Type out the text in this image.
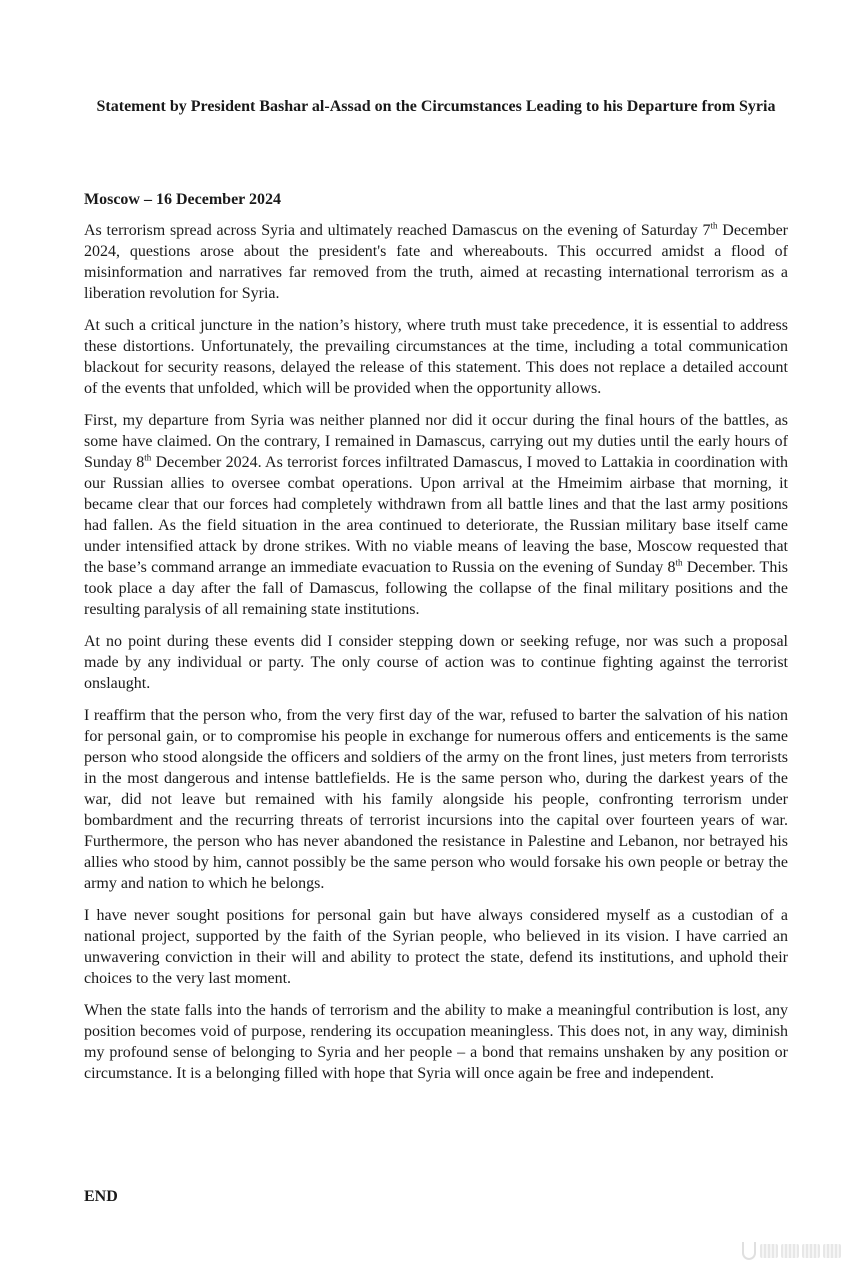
Statement by President Bashar al-Assad on the Circumstances Leading to his Departure from Syria

Moscow – 16 December 2024

As terrorism spread across Syria and ultimately reached Damascus on the evening of Saturday 7th December 2024, questions arose about the president's fate and whereabouts. This occurred amidst a flood of misinformation and narratives far removed from the truth, aimed at recasting international terrorism as a liberation revolution for Syria.

At such a critical juncture in the nation’s history, where truth must take precedence, it is essential to address these distortions. Unfortunately, the prevailing circumstances at the time, including a total communication blackout for security reasons, delayed the release of this statement. This does not replace a detailed account of the events that unfolded, which will be provided when the opportunity allows.

First, my departure from Syria was neither planned nor did it occur during the final hours of the battles, as some have claimed. On the contrary, I remained in Damascus, carrying out my duties until the early hours of Sunday 8th December 2024. As terrorist forces infiltrated Damascus, I moved to Lattakia in coordination with our Russian allies to oversee combat operations. Upon arrival at the Hmeimim airbase that morning, it became clear that our forces had completely withdrawn from all battle lines and that the last army positions had fallen. As the field situation in the area continued to deteriorate, the Russian military base itself came under intensified attack by drone strikes. With no viable means of leaving the base, Moscow requested that the base’s command arrange an immediate evacuation to Russia on the evening of Sunday 8th December. This took place a day after the fall of Damascus, following the collapse of the final military positions and the resulting paralysis of all remaining state institutions.

At no point during these events did I consider stepping down or seeking refuge, nor was such a proposal made by any individual or party. The only course of action was to continue fighting against the terrorist onslaught.

I reaffirm that the person who, from the very first day of the war, refused to barter the salvation of his nation for personal gain, or to compromise his people in exchange for numerous offers and enticements is the same person who stood alongside the officers and soldiers of the army on the front lines, just meters from terrorists in the most dangerous and intense battlefields. He is the same person who, during the darkest years of the war, did not leave but remained with his family alongside his people, confronting terrorism under bombardment and the recurring threats of terrorist incursions into the capital over fourteen years of war. Furthermore, the person who has never abandoned the resistance in Palestine and Lebanon, nor betrayed his allies who stood by him, cannot possibly be the same person who would forsake his own people or betray the army and nation to which he belongs.

I have never sought positions for personal gain but have always considered myself as a custodian of a national project, supported by the faith of the Syrian people, who believed in its vision. I have carried an unwavering conviction in their will and ability to protect the state, defend its institutions, and uphold their choices to the very last moment.

When the state falls into the hands of terrorism and the ability to make a meaningful contribution is lost, any position becomes void of purpose, rendering its occupation meaningless. This does not, in any way, diminish my profound sense of belonging to Syria and her people – a bond that remains unshaken by any position or circumstance. It is a belonging filled with hope that Syria will once again be free and independent.

END
